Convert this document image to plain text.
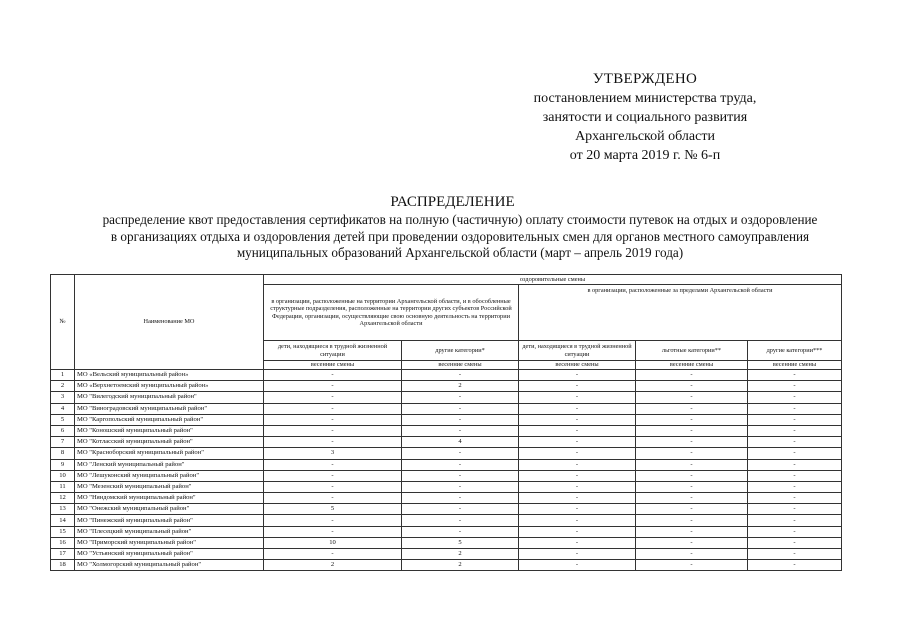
УТВЕРЖДЕНО
постановлением министерства труда,
занятости и социального развития
Архангельской области
от 20 марта 2019 г. № 6-п
РАСПРЕДЕЛЕНИЕ
распределение квот предоставления сертификатов на полную (частичную) оплату стоимости путевок на отдых и оздоровление
в организациях отдыха и оздоровления детей при проведении оздоровительных смен для органов местного самоуправления
муниципальных образований Архангельской области (март – апрель 2019 года)
№	Наименование МО	оздоровительные смены				
		в организации, расположенные на территории Архангельской области, и в обособленные структурные подразделения, расположенные на территории других субъектов Российской Федерации, организации, осуществляющие свою основную деятельность на территории Архангельской области		в организации, расположенные за пределами Архангельской области		
		дети, находящиеся в трудной жизненной ситуации	другие категории*	дети, находящиеся в трудной жизненной ситуации	льготные категории**	другие категории***
		весенние смены	весенние смены	весенние смены	весенние смены	весенние смены
1	МО «Вельский муниципальный район»	-	-	-	-	-
2	МО «Верхнетоемский муниципальный район»	-	2	-	-	-
3	МО "Вилегодский муниципальный район"	-	-	-	-	-
4	МО "Виноградовский муниципальный район"	-	-	-	-	-
5	МО "Каргопольский муниципальный район"	-	-	-	-	-
6	МО "Коношский муниципальный район"	-	-	-	-	-
7	МО "Котласский муниципальный район"	-	4	-	-	-
8	МО "Красноборский муниципальный район"	3	-	-	-	-
9	МО "Ленский муниципальный район"	-	-	-	-	-
10	МО "Лешуконский муниципальный район"	-	-	-	-	-
11	МО "Мезенский муниципальный район"	-	-	-	-	-
12	МО "Няндомский муниципальный район"	-	-	-	-	-
13	МО "Онежский муниципальный район"	5	-	-	-	-
14	МО "Пинежский муниципальный район"	-	-	-	-	-
15	МО "Плесецкий муниципальный район"	-	-	-	-	-
16	МО "Приморский муниципальный район"	10	5	-	-	-
17	МО "Устьянский муниципальный район"	-	2	-	-	-
18	МО "Холмогорский муниципальный район"	2	2	-	-	-
